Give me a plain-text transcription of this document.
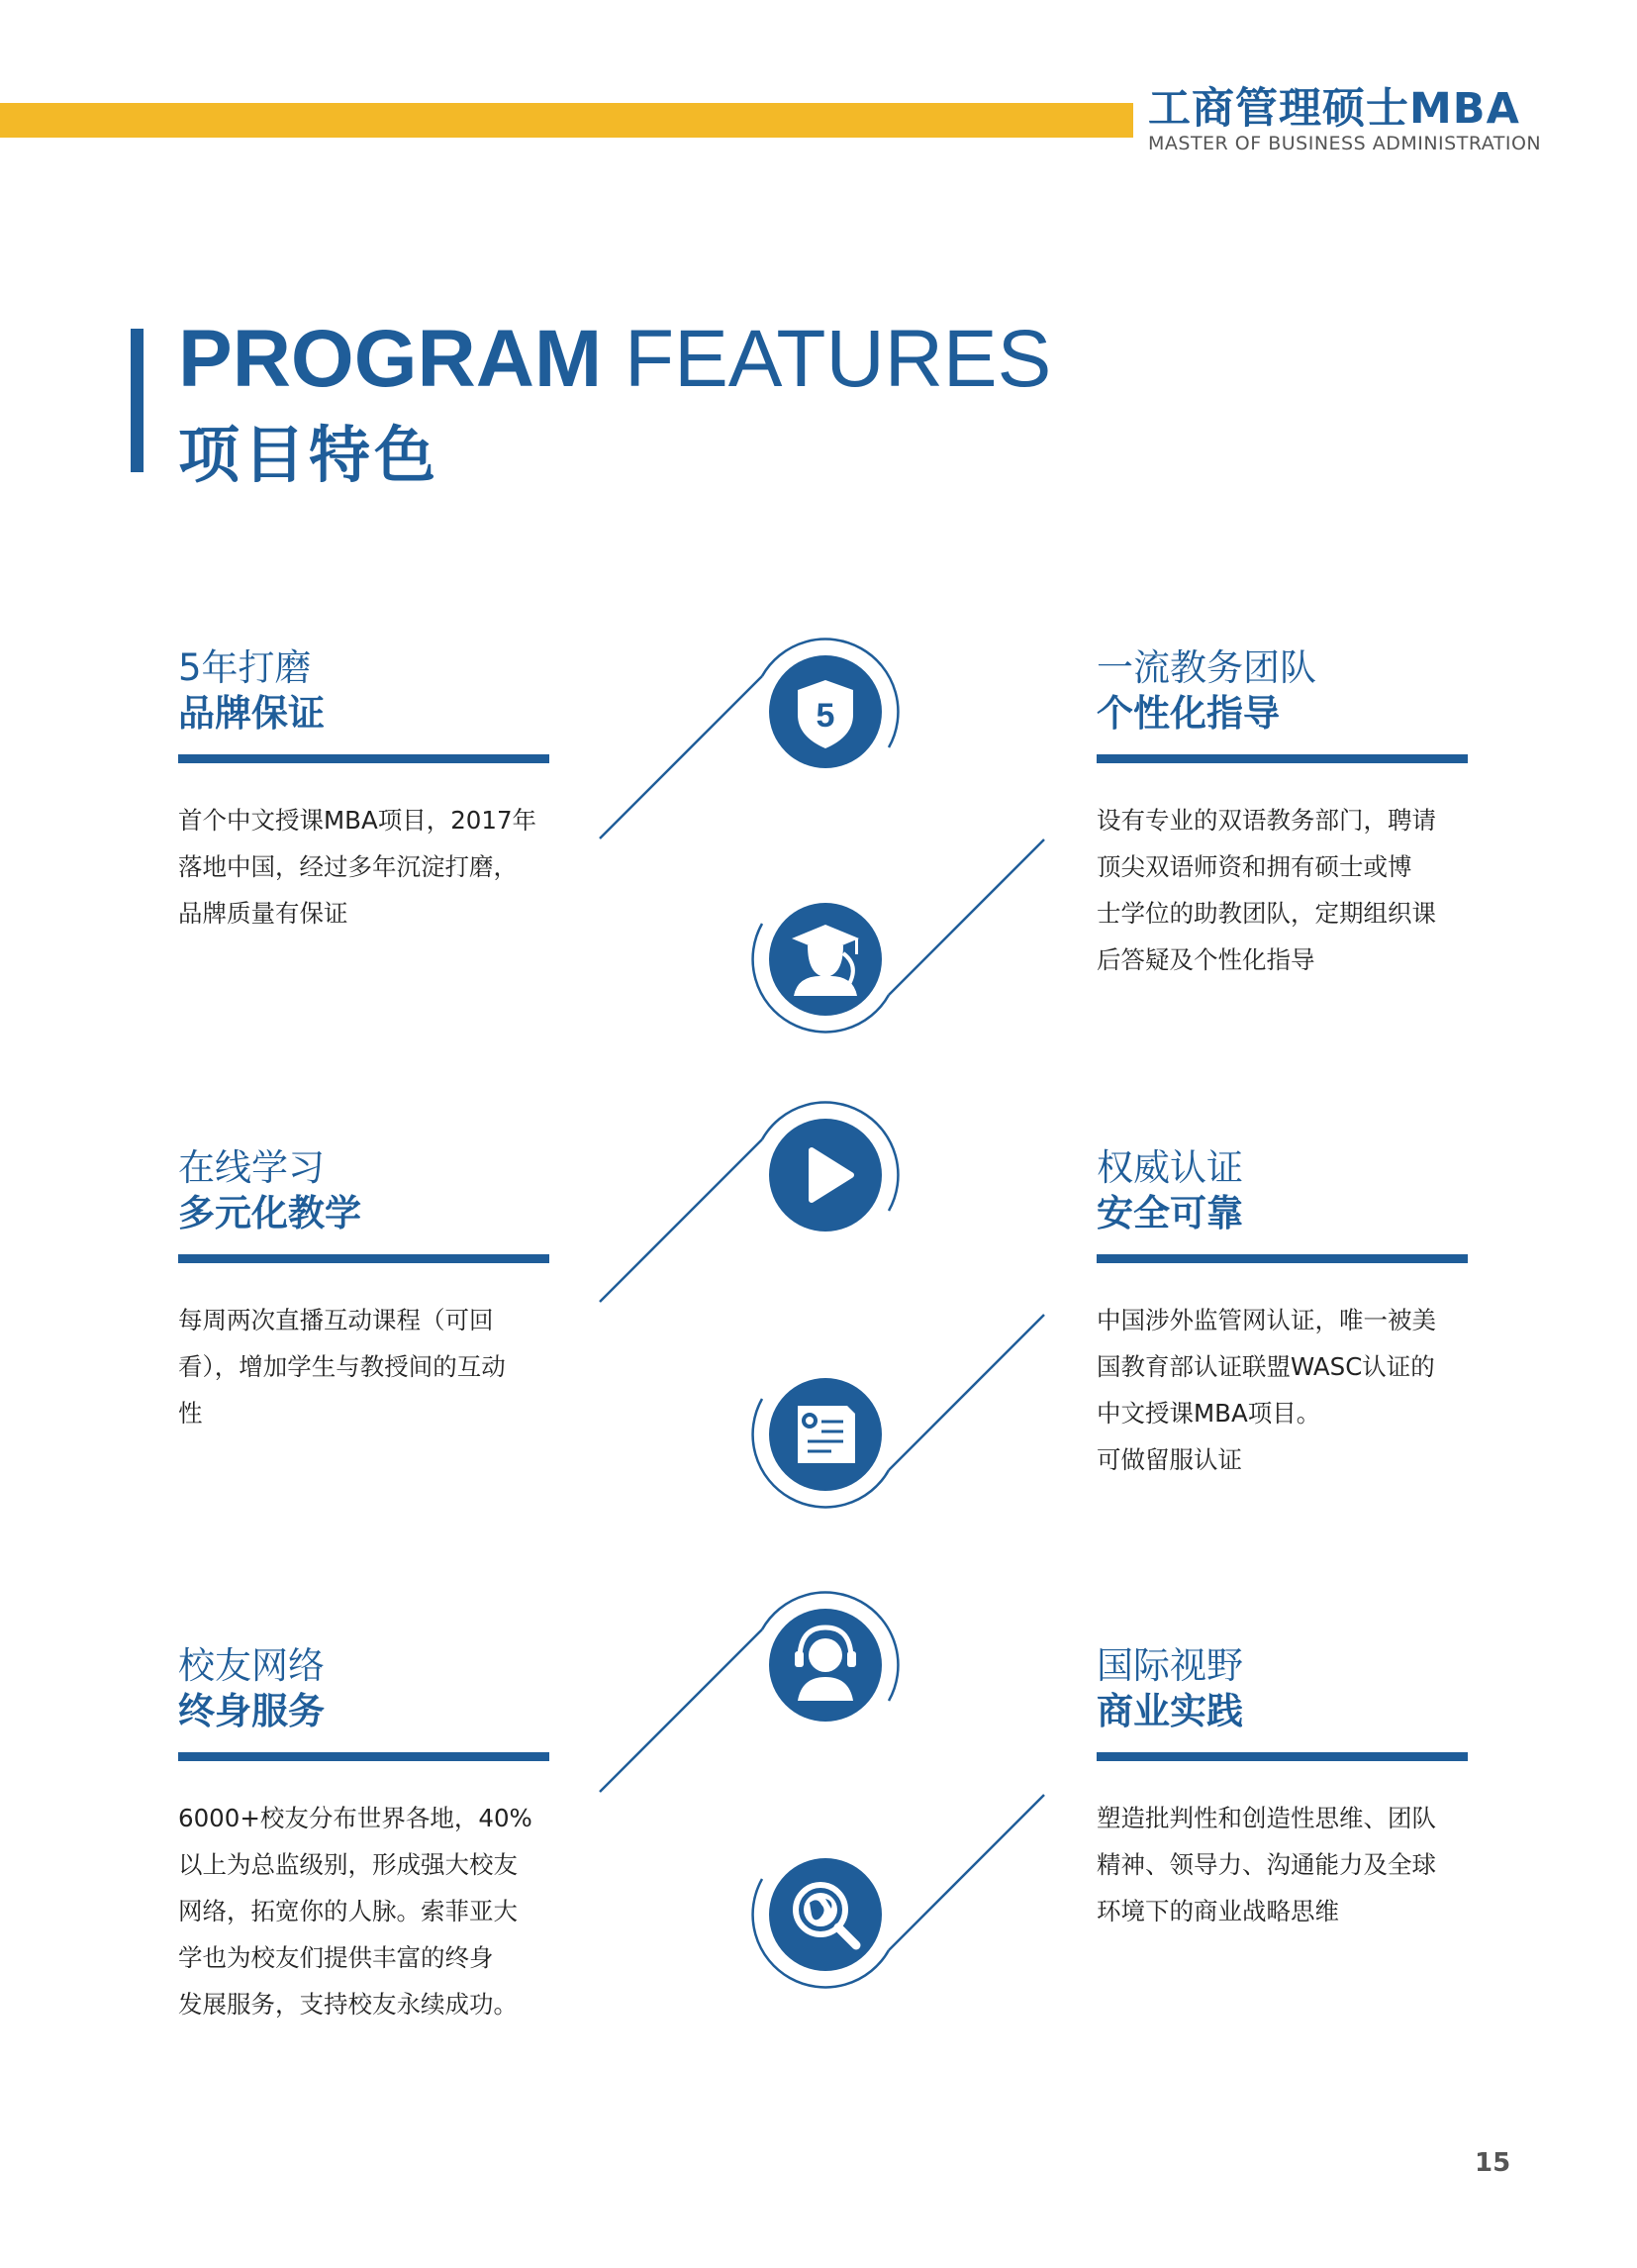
工商管理硕士MBA
MASTER OF BUSINESS ADMINISTRATION
PROGRAM FEATURES
项目特色
5
5年打磨
品牌保证

首个中文授课MBA项目，2017年

落地中国，经过多年沉淀打磨，

品牌质量有保证

一流教务团队
个性化指导

设有专业的双语教务部门，聘请

顶尖双语师资和拥有硕士或博

士学位的助教团队，定期组织课

后答疑及个性化指导

在线学习
多元化教学

每周两次直播互动课程（可回

看），增加学生与教授间的互动

性

权威认证
安全可靠

中国涉外监管网认证，唯一被美

国教育部认证联盟WASC认证的

中文授课MBA项目。

可做留服认证

校友网络
终身服务

6000+校友分布世界各地，40%

以上为总监级别，形成强大校友

网络，拓宽你的人脉。索菲亚大

学也为校友们提供丰富的终身

发展服务，支持校友永续成功。

国际视野
商业实践

塑造批判性和创造性思维、团队

精神、领导力、沟通能力及全球

环境下的商业战略思维

15
